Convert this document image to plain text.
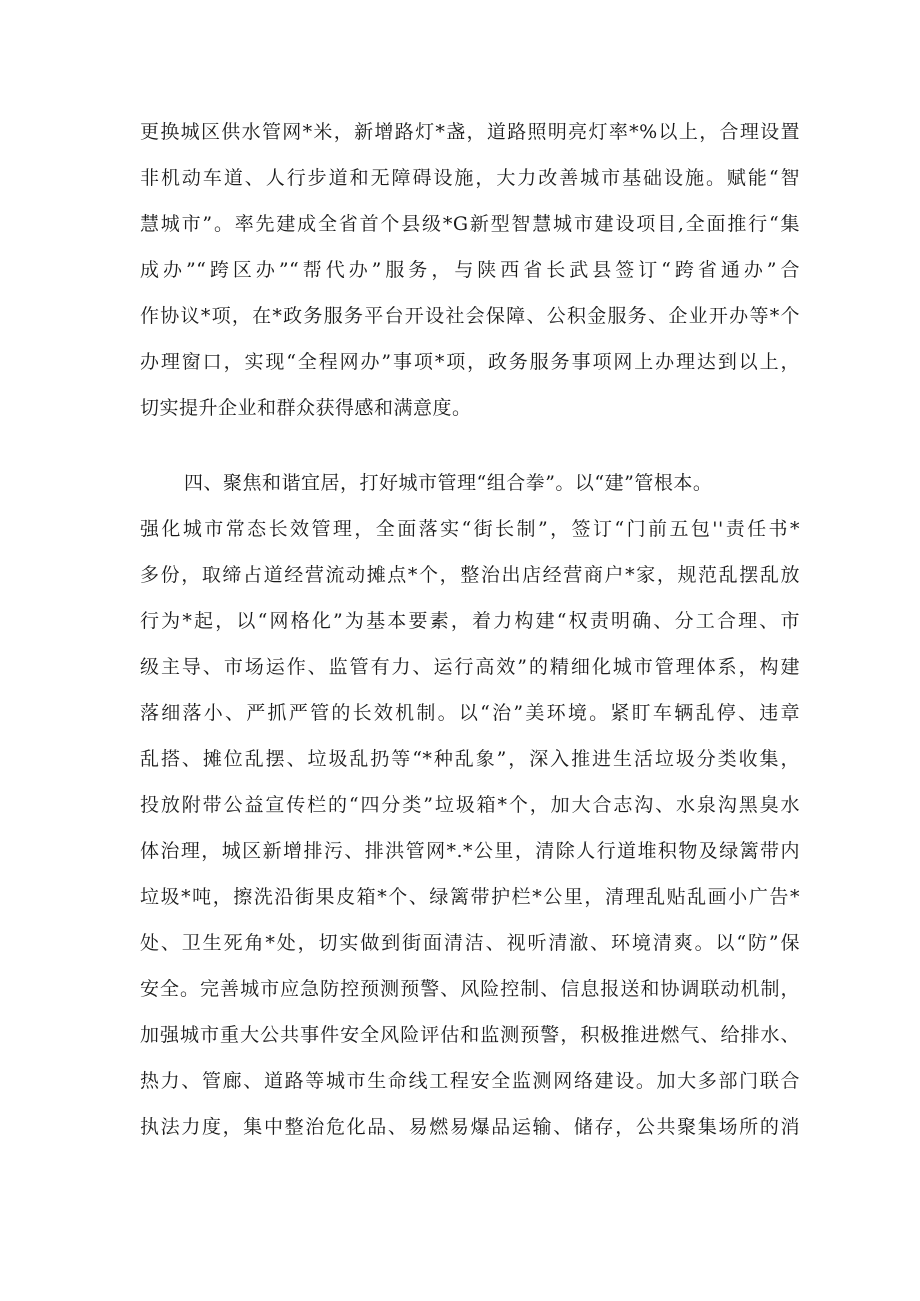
更换城区供水管网*米，新增路灯*盏，道路照明亮灯率*%以上，合理设置
非机动车道、人行步道和无障碍设施，大力改善城市基础设施。赋能“智
慧城市”。率先建成全省首个县级*G新型智慧城市建设项目,全面推行“集
成办”“跨区办”“帮代办”服务，与陕西省长武县签订“跨省通办”合
作协议*项，在*政务服务平台开设社会保障、公积金服务、企业开办等*个
办理窗口，实现“全程网办”事项*项，政务服务事项网上办理达到以上，
切实提升企业和群众获得感和满意度。
四、聚焦和谐宜居，打好城市管理“组合拳”。以“建”管根本。
强化城市常态长效管理，全面落实“街长制”，签订“门前五包''责任书*
多份，取缔占道经营流动摊点*个，整治出店经营商户*家，规范乱摆乱放
行为*起，以“网格化”为基本要素，着力构建“权责明确、分工合理、市
级主导、市场运作、监管有力、运行高效”的精细化城市管理体系，构建
落细落小、严抓严管的长效机制。以“治”美环境。紧盯车辆乱停、违章
乱搭、摊位乱摆、垃圾乱扔等“*种乱象”，深入推进生活垃圾分类收集，
投放附带公益宣传栏的“四分类”垃圾箱*个，加大合志沟、水泉沟黑臭水
体治理，城区新增排污、排洪管网*.*公里，清除人行道堆积物及绿篱带内
垃圾*吨，擦洗沿街果皮箱*个、绿篱带护栏*公里，清理乱贴乱画小广告*
处、卫生死角*处，切实做到街面清洁、视听清澈、环境清爽。以“防”保
安全。完善城市应急防控预测预警、风险控制、信息报送和协调联动机制，
加强城市重大公共事件安全风险评估和监测预警，积极推进燃气、给排水、
热力、管廊、道路等城市生命线工程安全监测网络建设。加大多部门联合
执法力度，集中整治危化品、易燃易爆品运输、储存，公共聚集场所的消
